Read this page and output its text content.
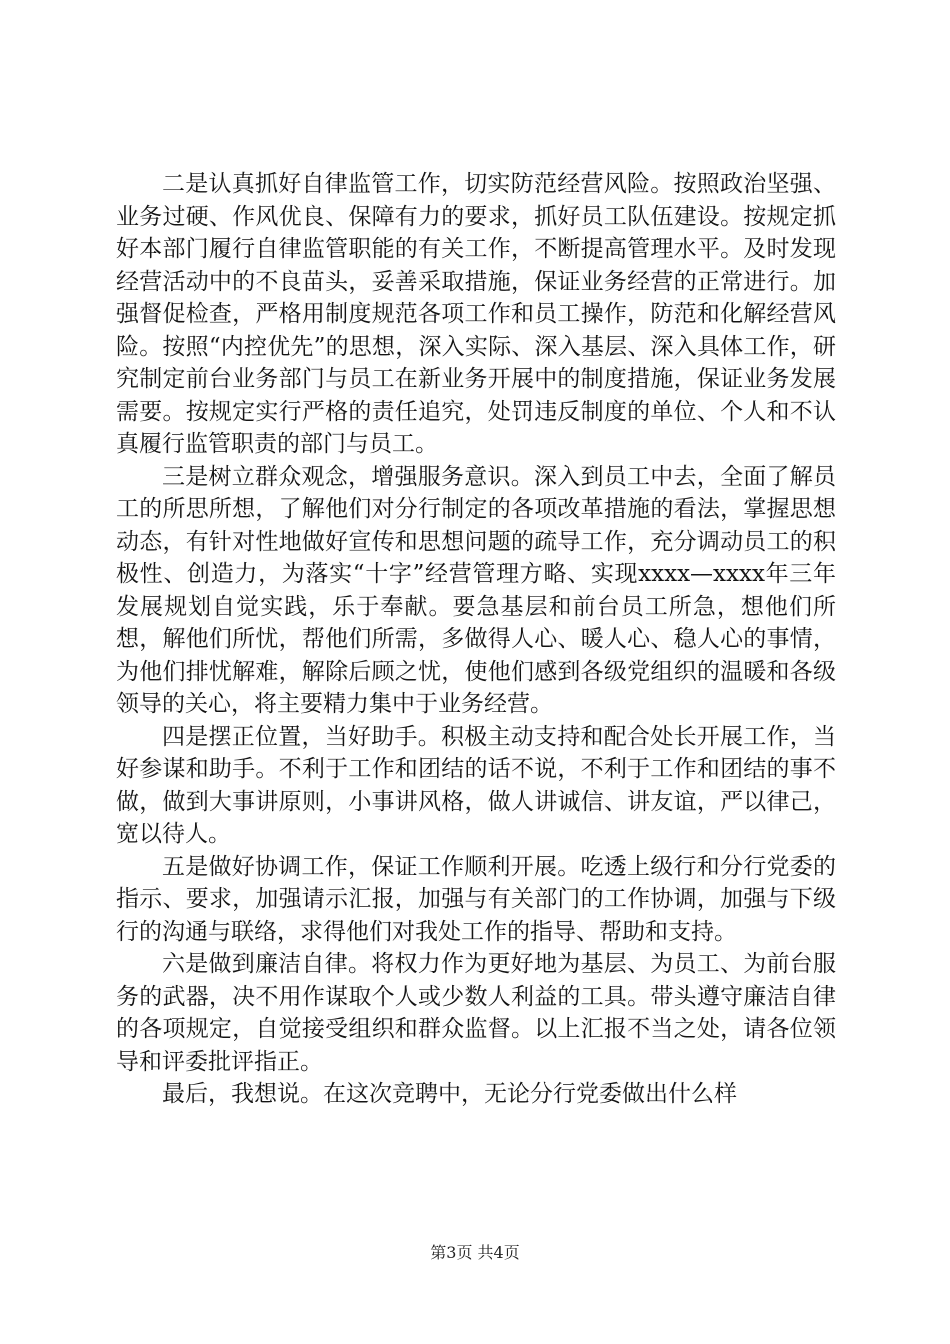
二是认真抓好自律监管工作，切实防范经营风险。按照政治坚强、业务过硬、作风优良、保障有力的要求，抓好员工队伍建设。按规定抓好本部门履行自律监管职能的有关工作，不断提高管理水平。及时发现经营活动中的不良苗头，妥善采取措施，保证业务经营的正常进行。加强督促检查，严格用制度规范各项工作和员工操作，防范和化解经营风险。按照“内控优先”的思想，深入实际、深入基层、深入具体工作，研究制定前台业务部门与员工在新业务开展中的制度措施，保证业务发展需要。按规定实行严格的责任追究，处罚违反制度的单位、个人和不认真履行监管职责的部门与员工。

三是树立群众观念，增强服务意识。深入到员工中去，全面了解员工的所思所想，了解他们对分行制定的各项改革措施的看法，掌握思想动态，有针对性地做好宣传和思想问题的疏导工作，充分调动员工的积极性、创造力，为落实“十字”经营管理方略、实现xxxx—xxxx年三年发展规划自觉实践，乐于奉献。要急基层和前台员工所急，想他们所想，解他们所忧，帮他们所需，多做得人心、暖人心、稳人心的事情，为他们排忧解难，解除后顾之忧，使他们感到各级党组织的温暖和各级领导的关心，将主要精力集中于业务经营。

四是摆正位置，当好助手。积极主动支持和配合处长开展工作，当好参谋和助手。不利于工作和团结的话不说，不利于工作和团结的事不做，做到大事讲原则，小事讲风格，做人讲诚信、讲友谊，严以律己，宽以待人。

五是做好协调工作，保证工作顺利开展。吃透上级行和分行党委的指示、要求，加强请示汇报，加强与有关部门的工作协调，加强与下级行的沟通与联络，求得他们对我处工作的指导、帮助和支持。

六是做到廉洁自律。将权力作为更好地为基层、为员工、为前台服务的武器，决不用作谋取个人或少数人利益的工具。带头遵守廉洁自律的各项规定，自觉接受组织和群众监督。以上汇报不当之处，请各位领导和评委批评指正。

最后，我想说。在这次竞聘中，无论分行党委做出什么样

第3页 共4页
